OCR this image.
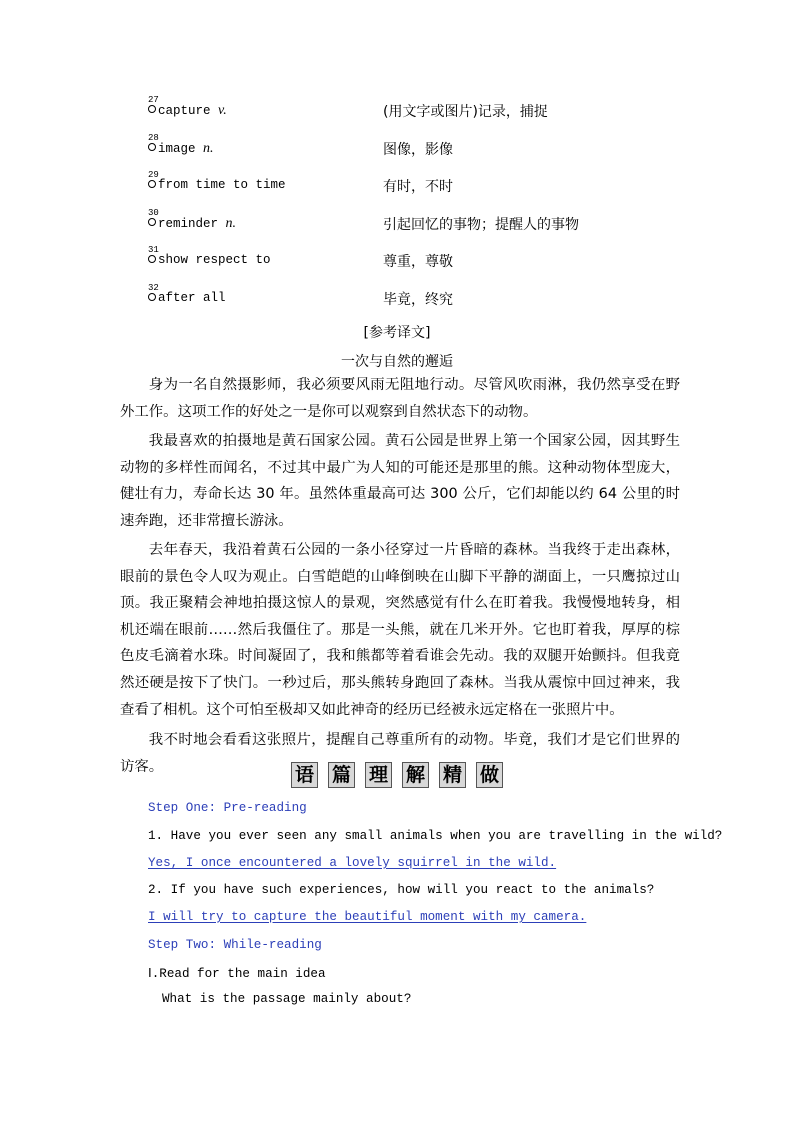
27
capture v.	(用文字或图片)记录，捕捉
28
image n.	图像，影像
29
from time to time	有时，不时
30
reminder n.	引起回忆的事物；提醒人的事物
31
show respect to	尊重，尊敬
32
after all	毕竟，终究
[参考译文]
一次与自然的邂逅

身为一名自然摄影师，我必须要风雨无阻地行动。尽管风吹雨淋，我仍然享受在野外工作。这项工作的好处之一是你可以观察到自然状态下的动物。

我最喜欢的拍摄地是黄石国家公园。黄石公园是世界上第一个国家公园，因其野生动物的多样性而闻名，不过其中最广为人知的可能还是那里的熊。这种动物体型庞大，健壮有力，寿命长达 30 年。虽然体重最高可达 300 公斤，它们却能以约 64 公里的时速奔跑，还非常擅长游泳。

去年春天，我沿着黄石公园的一条小径穿过一片昏暗的森林。当我终于走出森林，眼前的景色令人叹为观止。白雪皑皑的山峰倒映在山脚下平静的湖面上，一只鹰掠过山顶。我正聚精会神地拍摄这惊人的景观，突然感觉有什么在盯着我。我慢慢地转身，相机还端在眼前……然后我僵住了。那是一头熊，就在几米开外。它也盯着我，厚厚的棕色皮毛滴着水珠。时间凝固了，我和熊都等着看谁会先动。我的双腿开始颤抖。但我竟然还硬是按下了快门。一秒过后，那头熊转身跑回了森林。当我从震惊中回过神来，我查看了相机。这个可怕至极却又如此神奇的经历已经被永远定格在一张照片中。

我不时地会看看这张照片，提醒自己尊重所有的动物。毕竟，我们才是它们世界的访客。	语 篇 理 解 精 做
Step One: Pre-reading
1. Have you ever seen any small animals when you are travelling in the wild?
Yes, I once encountered a lovely squirrel in the wild.
2. If you have such experiences, how will you react to the animals?
I will try to capture the beautiful moment with my camera.
Step Two: While-reading
Ⅰ.Read for the main idea
What is the passage mainly about?
